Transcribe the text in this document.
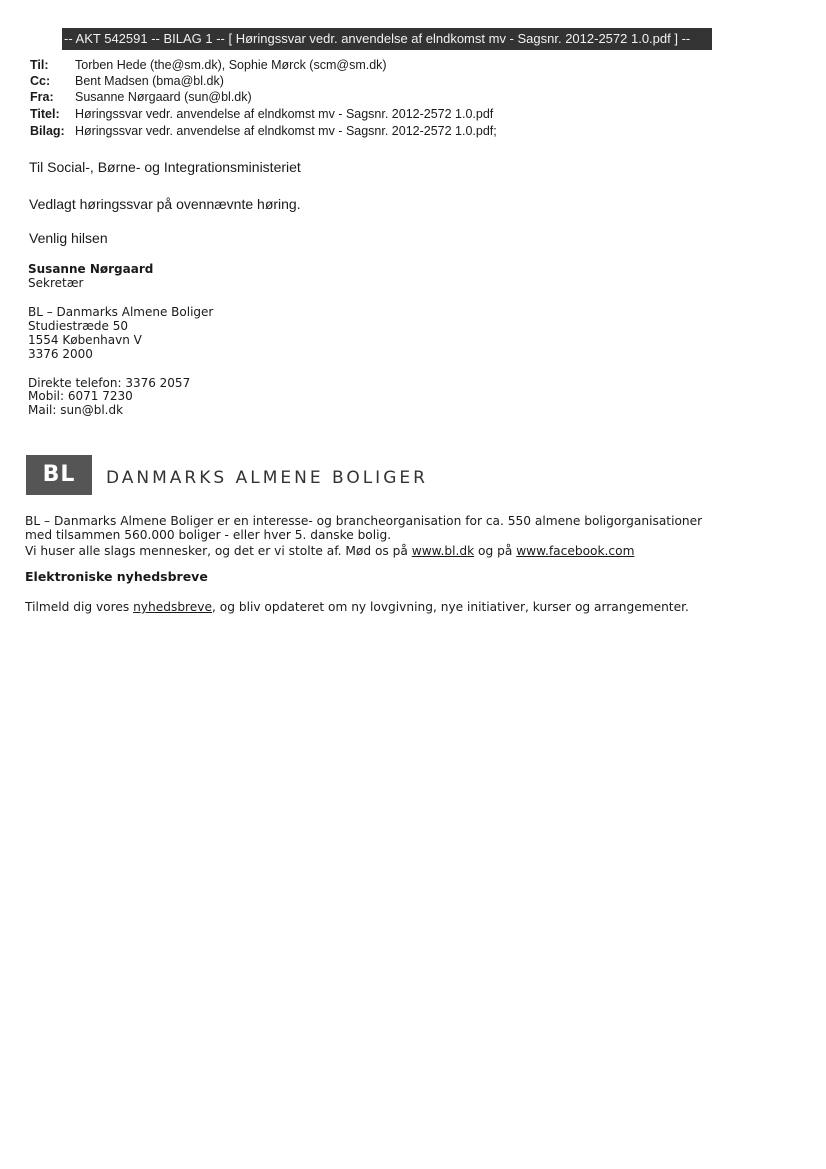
-- AKT 542591 -- BILAG 1 -- [ Høringssvar vedr. anvendelse af elndkomst mv - Sagsnr. 2012-2572 1.0.pdf ] --
Til: Torben Hede (the@sm.dk), Sophie Mørck (scm@sm.dk)
Cc: Bent Madsen (bma@bl.dk)
Fra: Susanne Nørgaard (sun@bl.dk)
Titel: Høringssvar vedr. anvendelse af elndkomst mv - Sagsnr. 2012-2572 1.0.pdf
Bilag: Høringssvar vedr. anvendelse af elndkomst mv - Sagsnr. 2012-2572 1.0.pdf;
Til Social-, Børne- og Integrationsministeriet
Vedlagt høringssvar på ovennævnte høring.
Venlig hilsen
Susanne Nørgaard
Sekretær
BL – Danmarks Almene Boliger
Studiestræde 50
1554 København V
3376 2000
Direkte telefon: 3376 2057
Mobil: 6071 7230
Mail: sun@bl.dk
BL	DANMARKS ALMENE BOLIGER
BL – Danmarks Almene Boliger er en interesse- og brancheorganisation for ca. 550 almene boligorganisationer
med tilsammen 560.000 boliger - eller hver 5. danske bolig.
Vi huser alle slags mennesker, og det er vi stolte af. Mød os på www.bl.dk og på www.facebook.com
Elektroniske nyhedsbreve
Tilmeld dig vores nyhedsbreve, og bliv opdateret om ny lovgivning, nye initiativer, kurser og arrangementer.
